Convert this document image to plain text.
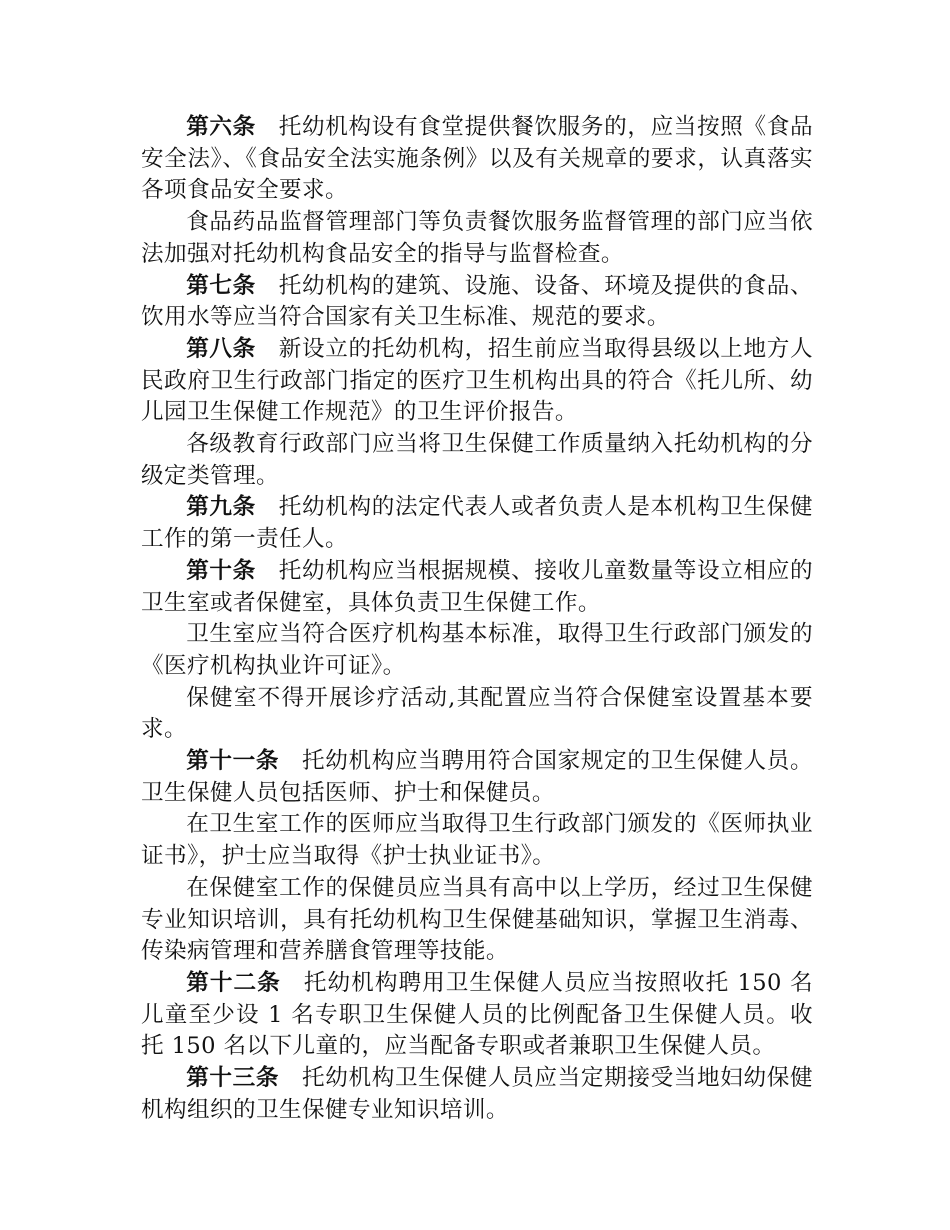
第六条 托幼机构设有食堂提供餐饮服务的，应当按照《食品安全法》、《食品安全法实施条例》以及有关规章的要求，认真落实各项食品安全要求。

食品药品监督管理部门等负责餐饮服务监督管理的部门应当依法加强对托幼机构食品安全的指导与监督检查。

第七条 托幼机构的建筑、设施、设备、环境及提供的食品、饮用水等应当符合国家有关卫生标准、规范的要求。

第八条 新设立的托幼机构，招生前应当取得县级以上地方人民政府卫生行政部门指定的医疗卫生机构出具的符合《托儿所、幼儿园卫生保健工作规范》的卫生评价报告。

各级教育行政部门应当将卫生保健工作质量纳入托幼机构的分级定类管理。

第九条 托幼机构的法定代表人或者负责人是本机构卫生保健工作的第一责任人。

第十条 托幼机构应当根据规模、接收儿童数量等设立相应的卫生室或者保健室，具体负责卫生保健工作。

卫生室应当符合医疗机构基本标准，取得卫生行政部门颁发的《医疗机构执业许可证》。

保健室不得开展诊疗活动,其配置应当符合保健室设置基本要求。

第十一条 托幼机构应当聘用符合国家规定的卫生保健人员。卫生保健人员包括医师、护士和保健员。

在卫生室工作的医师应当取得卫生行政部门颁发的《医师执业证书》，护士应当取得《护士执业证书》。

在保健室工作的保健员应当具有高中以上学历，经过卫生保健专业知识培训，具有托幼机构卫生保健基础知识，掌握卫生消毒、传染病管理和营养膳食管理等技能。

第十二条 托幼机构聘用卫生保健人员应当按照收托 150 名儿童至少设 1 名专职卫生保健人员的比例配备卫生保健人员。收托 150 名以下儿童的，应当配备专职或者兼职卫生保健人员。

第十三条 托幼机构卫生保健人员应当定期接受当地妇幼保健机构组织的卫生保健专业知识培训。
